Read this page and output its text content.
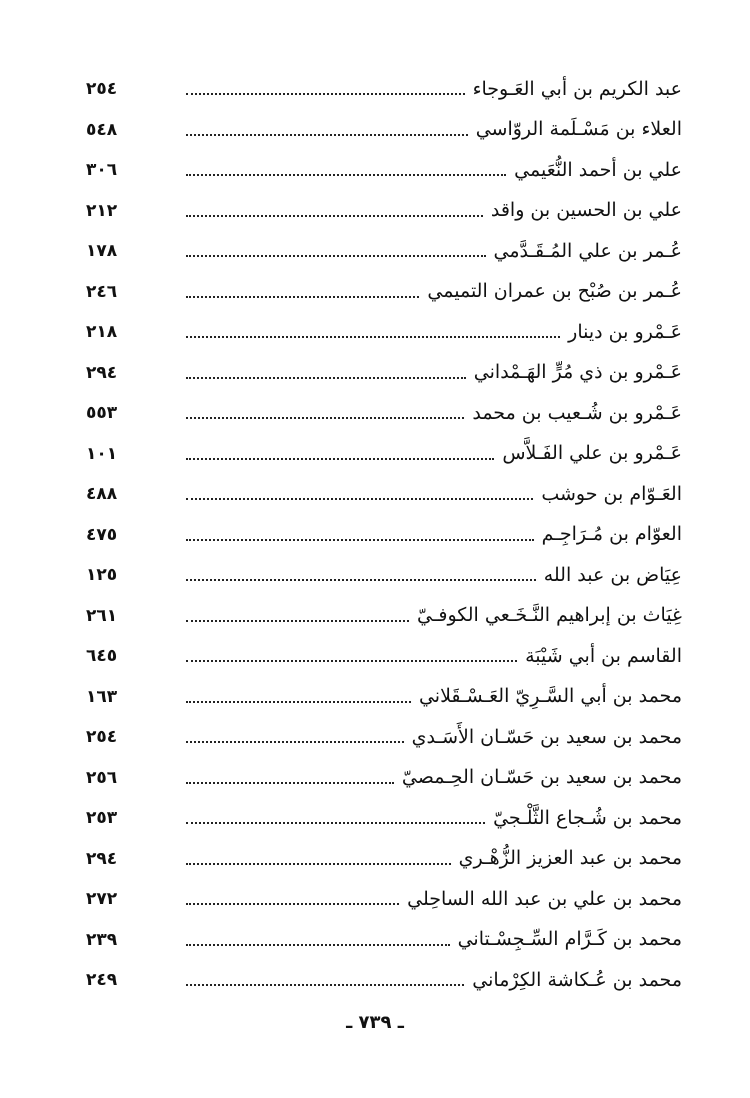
عبد الكريم بن أبي العَـوجاء
٢٥٤
العلاء بن مَسْـلَمة الروّاسي
٥٤٨
علي بن أحمد النُّعَيمي
٣٠٦
علي بن الحسين بن واقد
٢١٢
عُـمر بن علي المُـقَـدَّمي
١٧٨
عُـمر بن صُبْح بن عمران التميمي
٢٤٦
عَـمْرو بن دينار
٢١٨
عَـمْرو بن ذي مُرٍّ الهَـمْداني
٢٩٤
عَـمْرو بن شُـعيب بن محمد
٥٥٣
عَـمْرو بن علي الفَـلاَّس
١٠١
العَـوّام بن حوشب
٤٨٨
العوّام بن مُـرَاجِـم
٤٧٥
عِيَاض بن عبد الله
١٢٥
غِيَاث بن إبراهيم النَّـخَـعي الكوفـيّ
٢٦١
القاسم بن أبي شَيْبَة
٦٤٥
محمد بن أبي السَّـرِيّ العَـسْـقَلاني
١٦٣
محمد بن سعيد بن حَسّـان الأَسَـدي
٢٥٤
محمد بن سعيد بن حَسّـان الحِـمصيّ
٢٥٦
محمد بن شُـجاع الثَّلْـجيّ
٢٥٣
محمد بن عبد العزيز الزُّهْـري
٢٩٤
محمد بن علي بن عبد الله الساحِلي
٢٧٢
محمد بن كَـرَّام السِّـجِسْـتاني
٢٣٩
محمد بن عُـكاشة الكِرْماني
٢٤٩
ـ ٧٣٩ ـ
